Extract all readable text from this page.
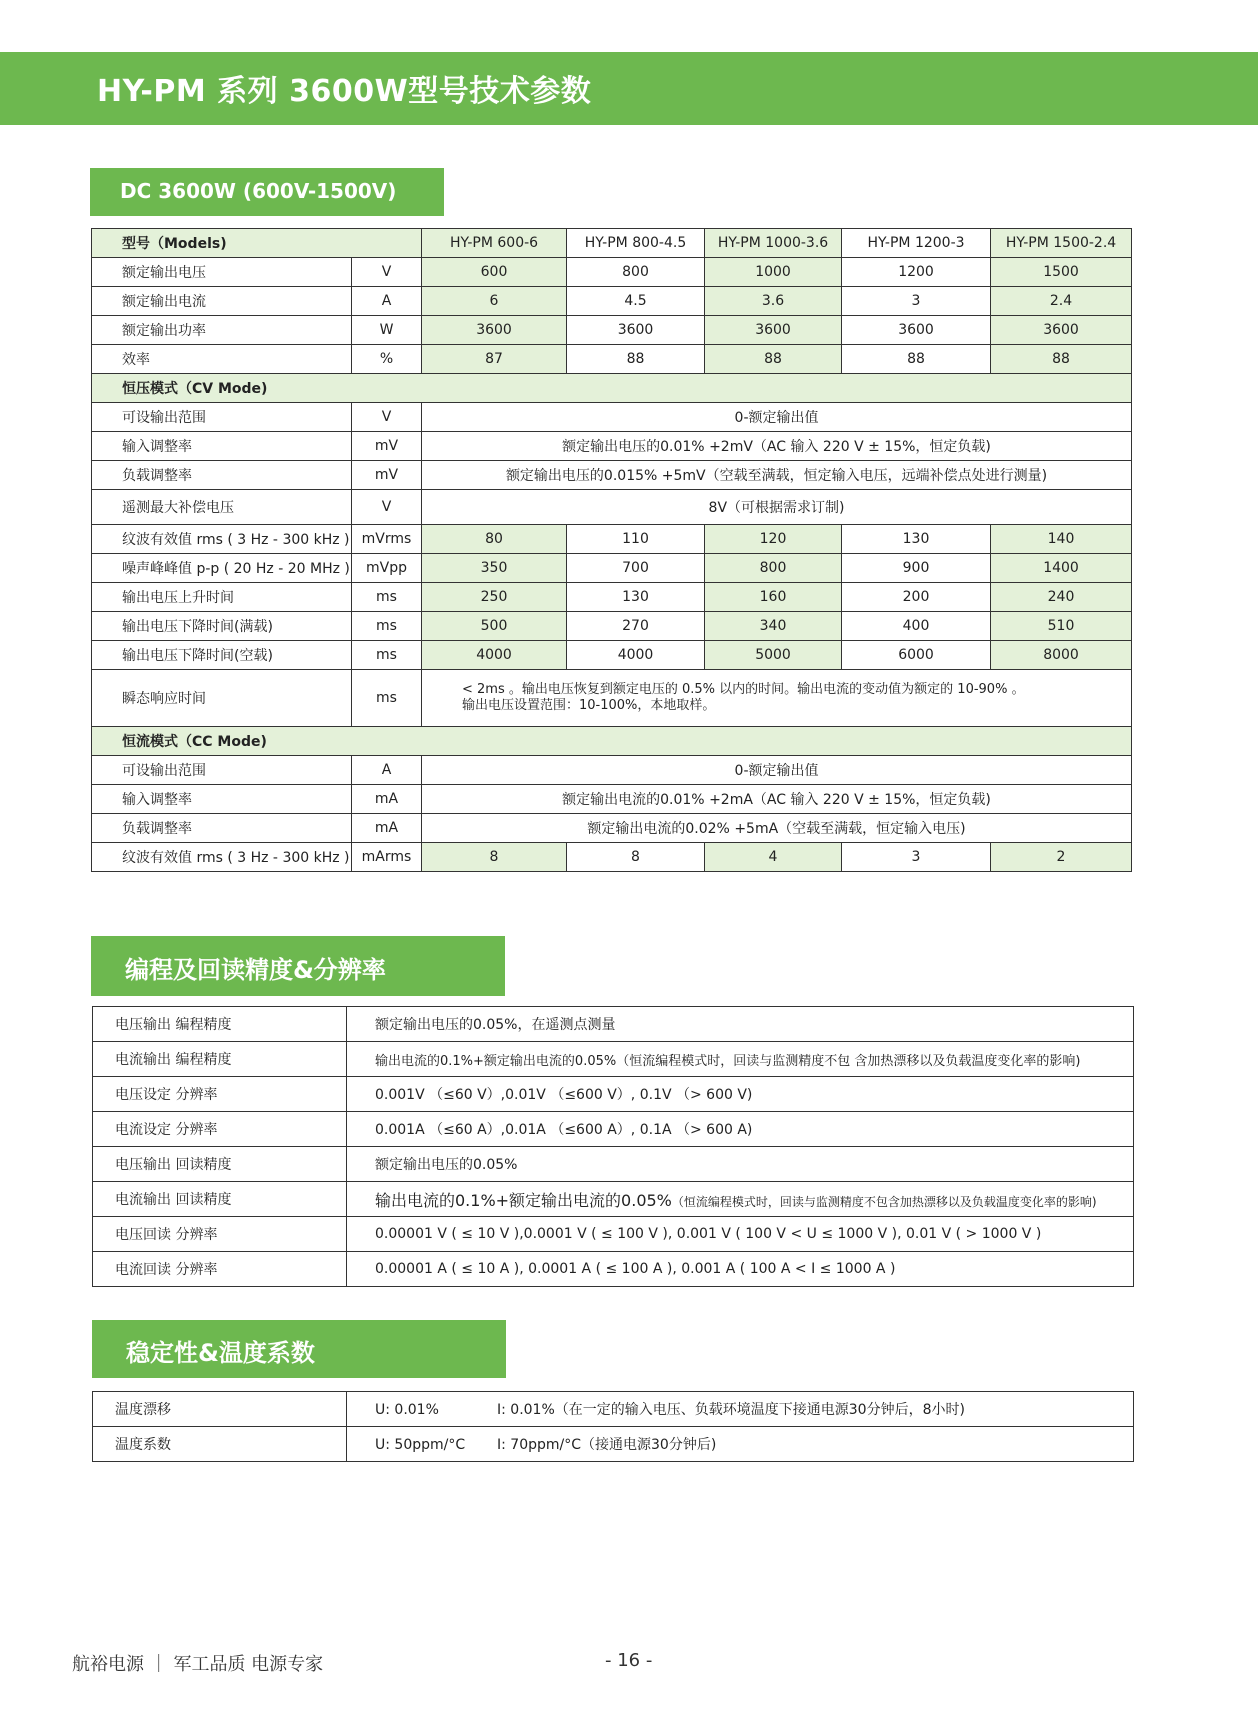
HY-PM 系列 3600W型号技术参数
DC 3600W (600V-1500V)
型号（Models)		HY-PM 600-6	HY-PM 800-4.5	HY-PM 1000-3.6	HY-PM 1200-3	HY-PM 1500-2.4
额定输出电压	V	600	800	1000	1200	1500
额定输出电流	A	6	4.5	3.6	3	2.4
额定输出功率	W	3600	3600	3600	3600	3600
效率	%	87	88	88	88	88
恒压模式（CV Mode)						
可设输出范围	V	0-额定输出值				
输入调整率	mV	额定输出电压的0.01% +2mV（AC 输入 220 V ± 15%，恒定负载)				
负载调整率	mV	额定输出电压的0.015% +5mV（空载至满载，恒定输入电压，远端补偿点处进行测量)				
遥测最大补偿电压	V	8V（可根据需求订制)				
纹波有效值 rms ( 3 Hz - 300 kHz )	mVrms	80	110	120	130	140
噪声峰峰值 p-p ( 20 Hz - 20 MHz )	mVpp	350	700	800	900	1400
输出电压上升时间	ms	250	130	160	200	240
输出电压下降时间(满载)	ms	500	270	340	400	510
输出电压下降时间(空载)	ms	4000	4000	5000	6000	8000
瞬态响应时间	ms	< 2ms 。输出电压恢复到额定电压的 0.5% 以内的时间。输出电流的变动值为额定的 10-90% 。
输出电压设置范围：10-100%，本地取样。				

恒流模式（CC Mode)						
可设输出范围	A	0-额定输出值				
输入调整率	mA	额定输出电流的0.01% +2mA（AC 输入 220 V ± 15%，恒定负载)				
负载调整率	mA	额定输出电流的0.02% +5mA（空载至满载，恒定输入电压)				
纹波有效值 rms ( 3 Hz - 300 kHz )	mArms	8	8	4	3	2
编程及回读精度&分辨率
电压输出 编程精度	额定输出电压的0.05%，在遥测点测量
电流输出 编程精度	输出电流的0.1%+额定输出电流的0.05%（恒流编程模式时，回读与监测精度不包 含加热漂移以及负载温度变化率的影响)
电压设定 分辨率	0.001V （≤60 V）,0.01V （≤600 V）, 0.1V （> 600 V)
电流设定 分辨率	0.001A （≤60 A）,0.01A （≤600 A）, 0.1A （> 600 A)
电压输出 回读精度	额定输出电压的0.05%
电流输出 回读精度	输出电流的0.1%+额定输出电流的0.05%（恒流编程模式时，回读与监测精度不包含加热漂移以及负载温度变化率的影响)
电压回读 分辨率	0.00001 V ( ≤ 10 V ),0.0001 V ( ≤ 100 V ), 0.001 V ( 100 V < U ≤ 1000 V ), 0.01 V ( > 1000 V )
电流回读 分辨率	0.00001 A ( ≤ 10 A ), 0.0001 A ( ≤ 100 A ), 0.001 A ( 100 A < I ≤ 1000 A )
稳定性&温度系数
温度漂移	U: 0.01% I: 0.01%（在一定的输入电压、负载环境温度下接通电源30分钟后，8小时)
温度系数	U: 50ppm/°C I: 70ppm/°C（接通电源30分钟后)
航裕电源 ｜ 军工品质 电源专家	- 16 -
